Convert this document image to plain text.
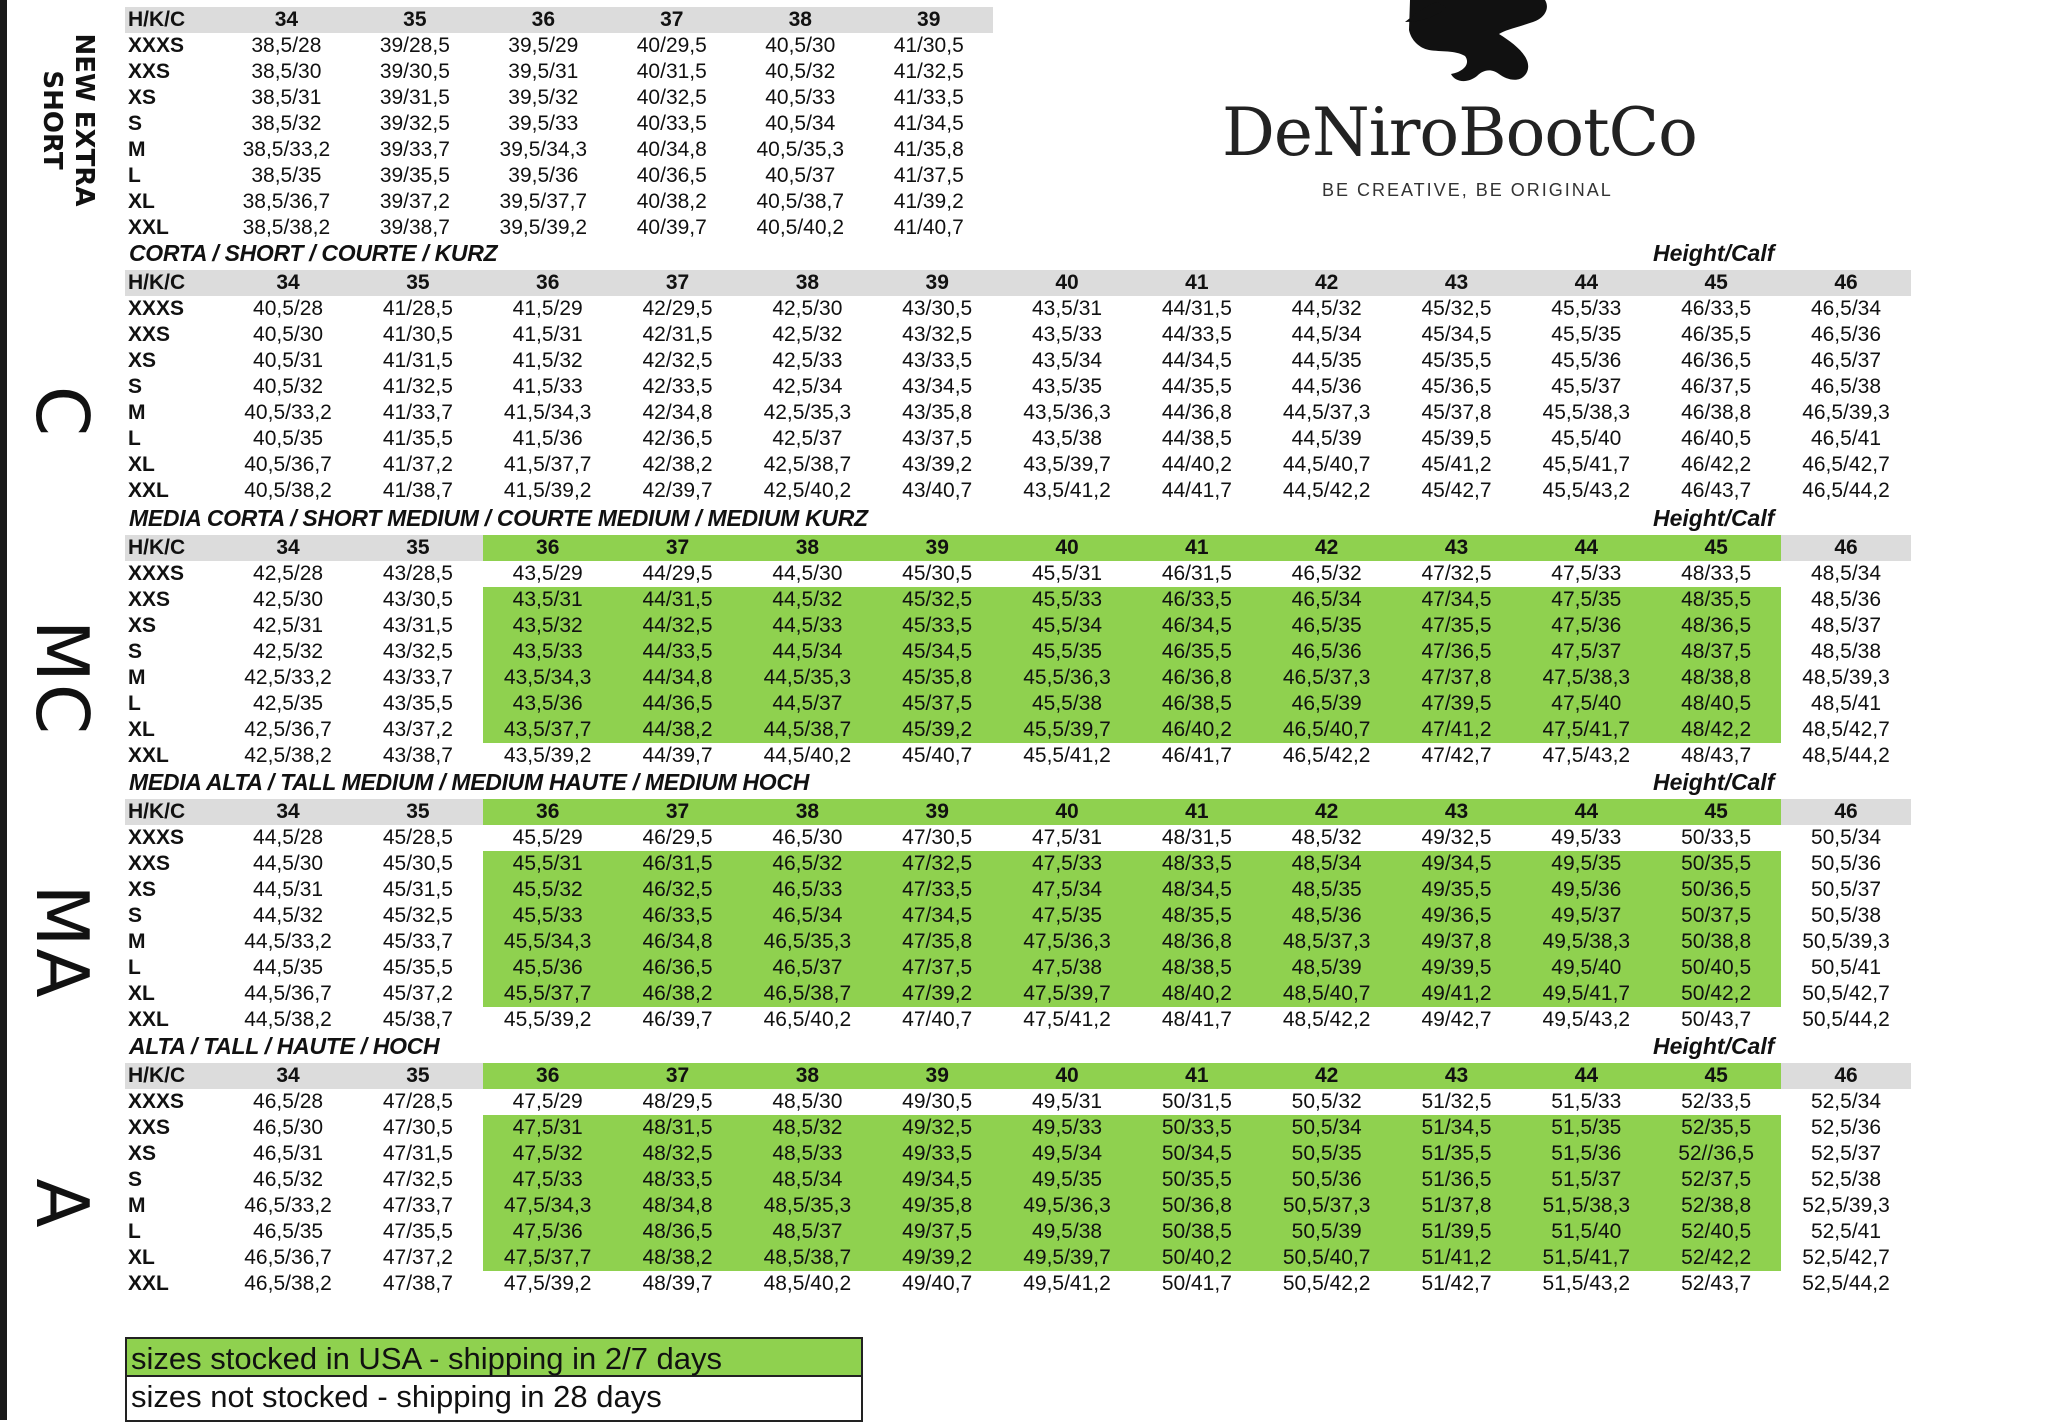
DeNiroBootCo
BE CREATIVE, BE ORIGINAL
NEW EXTRA SHORT
C
MC
MA
A
CORTA / SHORT / COURTE / KURZ
MEDIA CORTA / SHORT MEDIUM / COURTE MEDIUM / MEDIUM KURZ
MEDIA ALTA / TALL MEDIUM / MEDIUM HAUTE / MEDIUM HOCH
ALTA / TALL / HAUTE / HOCH
Height/Calf
Height/Calf
Height/Calf
Height/Calf
H/K/C	34	35	36	37	38	39
XXXS	38,5/28	39/28,5	39,5/29	40/29,5	40,5/30	41/30,5
XXS	38,5/30	39/30,5	39,5/31	40/31,5	40,5/32	41/32,5
XS	38,5/31	39/31,5	39,5/32	40/32,5	40,5/33	41/33,5
S	38,5/32	39/32,5	39,5/33	40/33,5	40,5/34	41/34,5
M	38,5/33,2	39/33,7	39,5/34,3	40/34,8	40,5/35,3	41/35,8
L	38,5/35	39/35,5	39,5/36	40/36,5	40,5/37	41/37,5
XL	38,5/36,7	39/37,2	39,5/37,7	40/38,2	40,5/38,7	41/39,2
XXL	38,5/38,2	39/38,7	39,5/39,2	40/39,7	40,5/40,2	41/40,7
H/K/C	34	35	36	37	38	39	40	41	42	43	44	45	46
XXXS	40,5/28	41/28,5	41,5/29	42/29,5	42,5/30	43/30,5	43,5/31	44/31,5	44,5/32	45/32,5	45,5/33	46/33,5	46,5/34
XXS	40,5/30	41/30,5	41,5/31	42/31,5	42,5/32	43/32,5	43,5/33	44/33,5	44,5/34	45/34,5	45,5/35	46/35,5	46,5/36
XS	40,5/31	41/31,5	41,5/32	42/32,5	42,5/33	43/33,5	43,5/34	44/34,5	44,5/35	45/35,5	45,5/36	46/36,5	46,5/37
S	40,5/32	41/32,5	41,5/33	42/33,5	42,5/34	43/34,5	43,5/35	44/35,5	44,5/36	45/36,5	45,5/37	46/37,5	46,5/38
M	40,5/33,2	41/33,7	41,5/34,3	42/34,8	42,5/35,3	43/35,8	43,5/36,3	44/36,8	44,5/37,3	45/37,8	45,5/38,3	46/38,8	46,5/39,3
L	40,5/35	41/35,5	41,5/36	42/36,5	42,5/37	43/37,5	43,5/38	44/38,5	44,5/39	45/39,5	45,5/40	46/40,5	46,5/41
XL	40,5/36,7	41/37,2	41,5/37,7	42/38,2	42,5/38,7	43/39,2	43,5/39,7	44/40,2	44,5/40,7	45/41,2	45,5/41,7	46/42,2	46,5/42,7
XXL	40,5/38,2	41/38,7	41,5/39,2	42/39,7	42,5/40,2	43/40,7	43,5/41,2	44/41,7	44,5/42,2	45/42,7	45,5/43,2	46/43,7	46,5/44,2
H/K/C	34	35	36	37	38	39	40	41	42	43	44	45	46
XXXS	42,5/28	43/28,5	43,5/29	44/29,5	44,5/30	45/30,5	45,5/31	46/31,5	46,5/32	47/32,5	47,5/33	48/33,5	48,5/34
XXS	42,5/30	43/30,5	43,5/31	44/31,5	44,5/32	45/32,5	45,5/33	46/33,5	46,5/34	47/34,5	47,5/35	48/35,5	48,5/36
XS	42,5/31	43/31,5	43,5/32	44/32,5	44,5/33	45/33,5	45,5/34	46/34,5	46,5/35	47/35,5	47,5/36	48/36,5	48,5/37
S	42,5/32	43/32,5	43,5/33	44/33,5	44,5/34	45/34,5	45,5/35	46/35,5	46,5/36	47/36,5	47,5/37	48/37,5	48,5/38
M	42,5/33,2	43/33,7	43,5/34,3	44/34,8	44,5/35,3	45/35,8	45,5/36,3	46/36,8	46,5/37,3	47/37,8	47,5/38,3	48/38,8	48,5/39,3
L	42,5/35	43/35,5	43,5/36	44/36,5	44,5/37	45/37,5	45,5/38	46/38,5	46,5/39	47/39,5	47,5/40	48/40,5	48,5/41
XL	42,5/36,7	43/37,2	43,5/37,7	44/38,2	44,5/38,7	45/39,2	45,5/39,7	46/40,2	46,5/40,7	47/41,2	47,5/41,7	48/42,2	48,5/42,7
XXL	42,5/38,2	43/38,7	43,5/39,2	44/39,7	44,5/40,2	45/40,7	45,5/41,2	46/41,7	46,5/42,2	47/42,7	47,5/43,2	48/43,7	48,5/44,2
H/K/C	34	35	36	37	38	39	40	41	42	43	44	45	46
XXXS	44,5/28	45/28,5	45,5/29	46/29,5	46,5/30	47/30,5	47,5/31	48/31,5	48,5/32	49/32,5	49,5/33	50/33,5	50,5/34
XXS	44,5/30	45/30,5	45,5/31	46/31,5	46,5/32	47/32,5	47,5/33	48/33,5	48,5/34	49/34,5	49,5/35	50/35,5	50,5/36
XS	44,5/31	45/31,5	45,5/32	46/32,5	46,5/33	47/33,5	47,5/34	48/34,5	48,5/35	49/35,5	49,5/36	50/36,5	50,5/37
S	44,5/32	45/32,5	45,5/33	46/33,5	46,5/34	47/34,5	47,5/35	48/35,5	48,5/36	49/36,5	49,5/37	50/37,5	50,5/38
M	44,5/33,2	45/33,7	45,5/34,3	46/34,8	46,5/35,3	47/35,8	47,5/36,3	48/36,8	48,5/37,3	49/37,8	49,5/38,3	50/38,8	50,5/39,3
L	44,5/35	45/35,5	45,5/36	46/36,5	46,5/37	47/37,5	47,5/38	48/38,5	48,5/39	49/39,5	49,5/40	50/40,5	50,5/41
XL	44,5/36,7	45/37,2	45,5/37,7	46/38,2	46,5/38,7	47/39,2	47,5/39,7	48/40,2	48,5/40,7	49/41,2	49,5/41,7	50/42,2	50,5/42,7
XXL	44,5/38,2	45/38,7	45,5/39,2	46/39,7	46,5/40,2	47/40,7	47,5/41,2	48/41,7	48,5/42,2	49/42,7	49,5/43,2	50/43,7	50,5/44,2
H/K/C	34	35	36	37	38	39	40	41	42	43	44	45	46
XXXS	46,5/28	47/28,5	47,5/29	48/29,5	48,5/30	49/30,5	49,5/31	50/31,5	50,5/32	51/32,5	51,5/33	52/33,5	52,5/34
XXS	46,5/30	47/30,5	47,5/31	48/31,5	48,5/32	49/32,5	49,5/33	50/33,5	50,5/34	51/34,5	51,5/35	52/35,5	52,5/36
XS	46,5/31	47/31,5	47,5/32	48/32,5	48,5/33	49/33,5	49,5/34	50/34,5	50,5/35	51/35,5	51,5/36	52//36,5	52,5/37
S	46,5/32	47/32,5	47,5/33	48/33,5	48,5/34	49/34,5	49,5/35	50/35,5	50,5/36	51/36,5	51,5/37	52/37,5	52,5/38
M	46,5/33,2	47/33,7	47,5/34,3	48/34,8	48,5/35,3	49/35,8	49,5/36,3	50/36,8	50,5/37,3	51/37,8	51,5/38,3	52/38,8	52,5/39,3
L	46,5/35	47/35,5	47,5/36	48/36,5	48,5/37	49/37,5	49,5/38	50/38,5	50,5/39	51/39,5	51,5/40	52/40,5	52,5/41
XL	46,5/36,7	47/37,2	47,5/37,7	48/38,2	48,5/38,7	49/39,2	49,5/39,7	50/40,2	50,5/40,7	51/41,2	51,5/41,7	52/42,2	52,5/42,7
XXL	46,5/38,2	47/38,7	47,5/39,2	48/39,7	48,5/40,2	49/40,7	49,5/41,2	50/41,7	50,5/42,2	51/42,7	51,5/43,2	52/43,7	52,5/44,2
sizes stocked in USA - shipping in 2/7 days
sizes not stocked - shipping in 28 days
